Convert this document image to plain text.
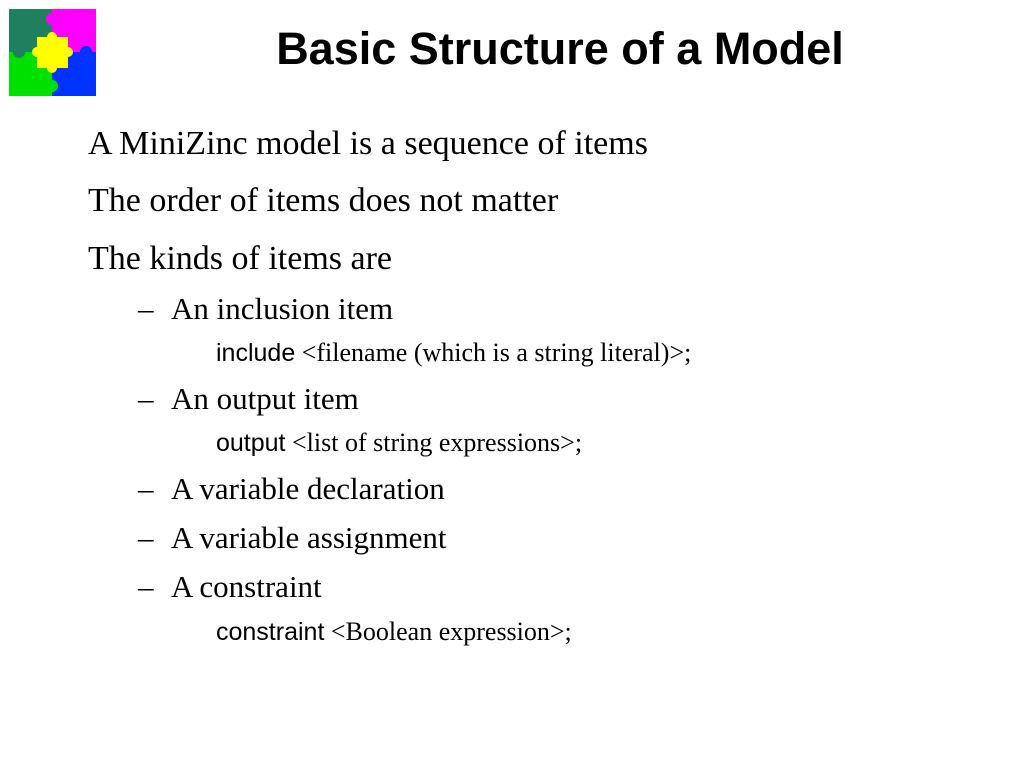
Basic Structure of a Model
A MiniZinc model is a sequence of items
The order of items does not matter
The kinds of items are
– An inclusion item
include <filename (which is a string literal)>;
– An output item
output <list of string expressions>;
– A variable declaration
– A variable assignment
– A constraint
constraint <Boolean expression>;
